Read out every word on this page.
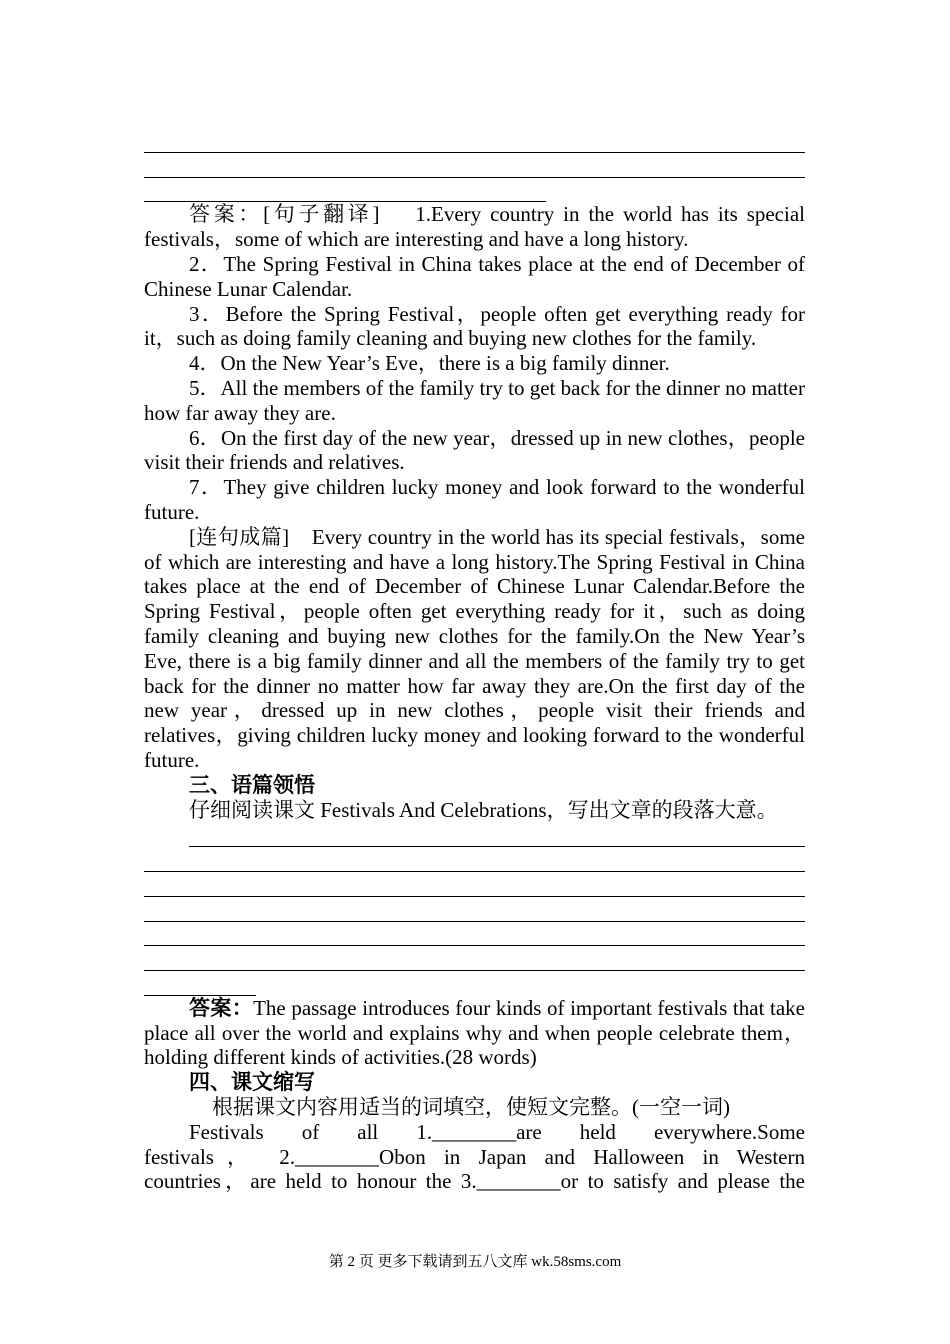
答案：[句子翻译] 1.Every country in the world has its special festivals，some of which are interesting and have a long history.
2．The Spring Festival in China takes place at the end of December of Chinese Lunar Calendar.
3．Before the Spring Festival，people often get everything ready for it，such as doing family cleaning and buying new clothes for the family.
4．On the New Year’s Eve，there is a big family dinner.
5．All the members of the family try to get back for the dinner no matter how far away they are.
6．On the first day of the new year，dressed up in new clothes，people visit their friends and relatives.
7．They give children lucky money and look forward to the wonderful future.
[连句成篇] Every country in the world has its special festivals，some of which are interesting and have a long history.The Spring Festival in China takes place at the end of December of Chinese Lunar Calendar.Before the Spring Festival，people often get everything ready for it，such as doing family cleaning and buying new clothes for the family.On the New Year’s Eve, there is a big family dinner and all the members of the family try to get back for the dinner no matter how far away they are.On the first day of the new year，dressed up in new clothes，people visit their friends and relatives，giving children lucky money and looking forward to the wonderful future.
三、语篇领悟
仔细阅读课文 Festivals And Celebrations，写出文章的段落大意。
答案：The passage introduces four kinds of important festivals that take place all over the world and explains why and when people celebrate them，holding different kinds of activities.(28 words)
四、课文缩写
根据课文内容用适当的词填空，使短文完整。(一空一词)
Festivals of all 1.________are held everywhere.Some
festivals， 2.________Obon in Japan and Halloween in Western
countries，are held to honour the 3.________or to satisfy and please the
第 2 页 更多下载请到五八文库 wk.58sms.com
